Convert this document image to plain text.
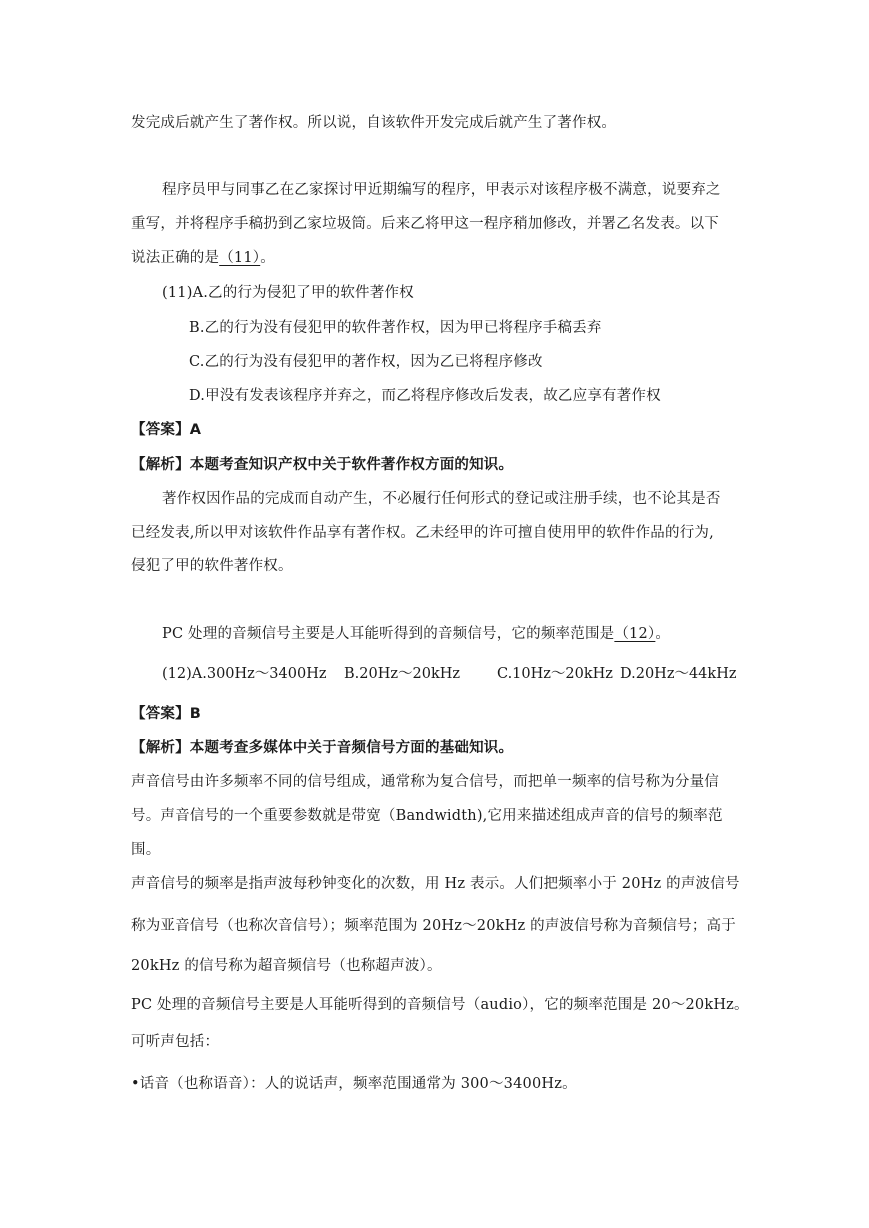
发完成后就产生了著作权。所以说，自该软件开发完成后就产生了著作权。
程序员甲与同事乙在乙家探讨甲近期编写的程序，甲表示对该程序极不满意，说要弃之
重写，并将程序手稿扔到乙家垃圾筒。后来乙将甲这一程序稍加修改，并署乙名发表。以下
说法正确的是（11）。
(11)A.乙的行为侵犯了甲的软件著作权
B.乙的行为没有侵犯甲的软件著作权，因为甲已将程序手稿丢弃
C.乙的行为没有侵犯甲的著作权，因为乙已将程序修改
D.甲没有发表该程序并弃之，而乙将程序修改后发表，故乙应享有著作权
【答案】A
【解析】本题考查知识产权中关于软件著作权方面的知识。
著作权因作品的完成而自动产生，不必履行任何形式的登记或注册手续，也不论其是否
已经发表,所以甲对该软件作品享有著作权。乙未经甲的许可擅自使用甲的软件作品的行为,
侵犯了甲的软件著作权。
PC 处理的音频信号主要是人耳能听得到的音频信号，它的频率范围是（12）。
(12)A.300Hz～3400Hz B.20Hz～20kHz	C.10Hz～20kHz D.20Hz～44kHz
【答案】B
【解析】本题考查多媒体中关于音频信号方面的基础知识。
声音信号由许多频率不同的信号组成，通常称为复合信号，而把单一频率的信号称为分量信
号。声音信号的一个重要参数就是带宽（Bandwidth),它用来描述组成声音的信号的频率范
围。
声音信号的频率是指声波每秒钟变化的次数，用 Hz 表示。人们把频率小于 20Hz 的声波信号
称为亚音信号（也称次音信号）；频率范围为 20Hz～20kHz 的声波信号称为音频信号；高于
20kHz 的信号称为超音频信号（也称超声波）。
PC 处理的音频信号主要是人耳能听得到的音频信号（audio），它的频率范围是 20～20kHz。
可听声包括：
•话音（也称语音）：人的说话声，频率范围通常为 300～3400Hz。
